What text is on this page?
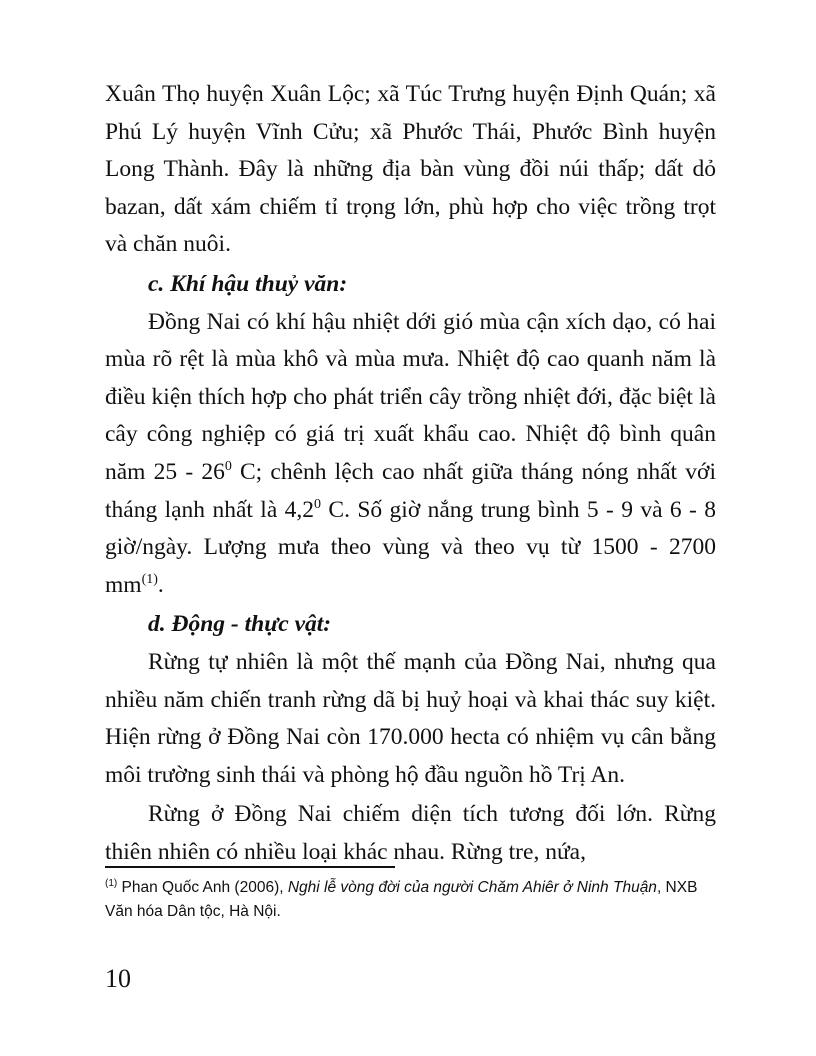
Xuân Thọ huyện Xuân Lộc; xã Túc Trưng huyện Định Quán; xã Phú Lý huyện Vĩnh Cửu; xã Phước Thái, Phước Bình huyện Long Thành. Đây là những địa bàn vùng đồi núi thấp; dất dỏ bazan, dất xám chiếm tỉ trọng lớn, phù hợp cho việc trồng trọt và chăn nuôi.

c. Khí hậu thuỷ văn:

Đồng Nai có khí hậu nhiệt dới gió mùa cận xích dạo, có hai mùa rõ rệt là mùa khô và mùa mưa. Nhiệt độ cao quanh năm là điều kiện thích hợp cho phát triển cây trồng nhiệt đới, đặc biệt là cây công nghiệp có giá trị xuất khẩu cao. Nhiệt độ bình quân năm $25 - 26^0$ C; chênh lệch cao nhất giữa tháng nóng nhất với tháng lạnh nhất là $4,2^0$ C. Số giờ nắng trung bình 5 - 9 và 6 - 8 giờ/ngày. Lượng mưa theo vùng và theo vụ từ 1500 - 2700 $mm^{(1)}$.

d. Động - thực vật:

Rừng tự nhiên là một thế mạnh của Đồng Nai, nhưng qua nhiều năm chiến tranh rừng dã bị huỷ hoại và khai thác suy kiệt. Hiện rừng ở Đồng Nai còn 170.000 hecta có nhiệm vụ cân bằng môi trường sinh thái và phòng hộ đầu nguồn hồ Trị An.

Rừng ở Đồng Nai chiếm diện tích tương đối lớn. Rừng thiên nhiên có nhiều loại khác nhau. Rừng tre, nứa,

$^{(1)}$ Phan Quốc Anh (2006), Nghi lễ vòng đời của người Chăm Ahiêr ở Ninh Thuận, NXB Văn hóa Dân tộc, Hà Nội.
10
